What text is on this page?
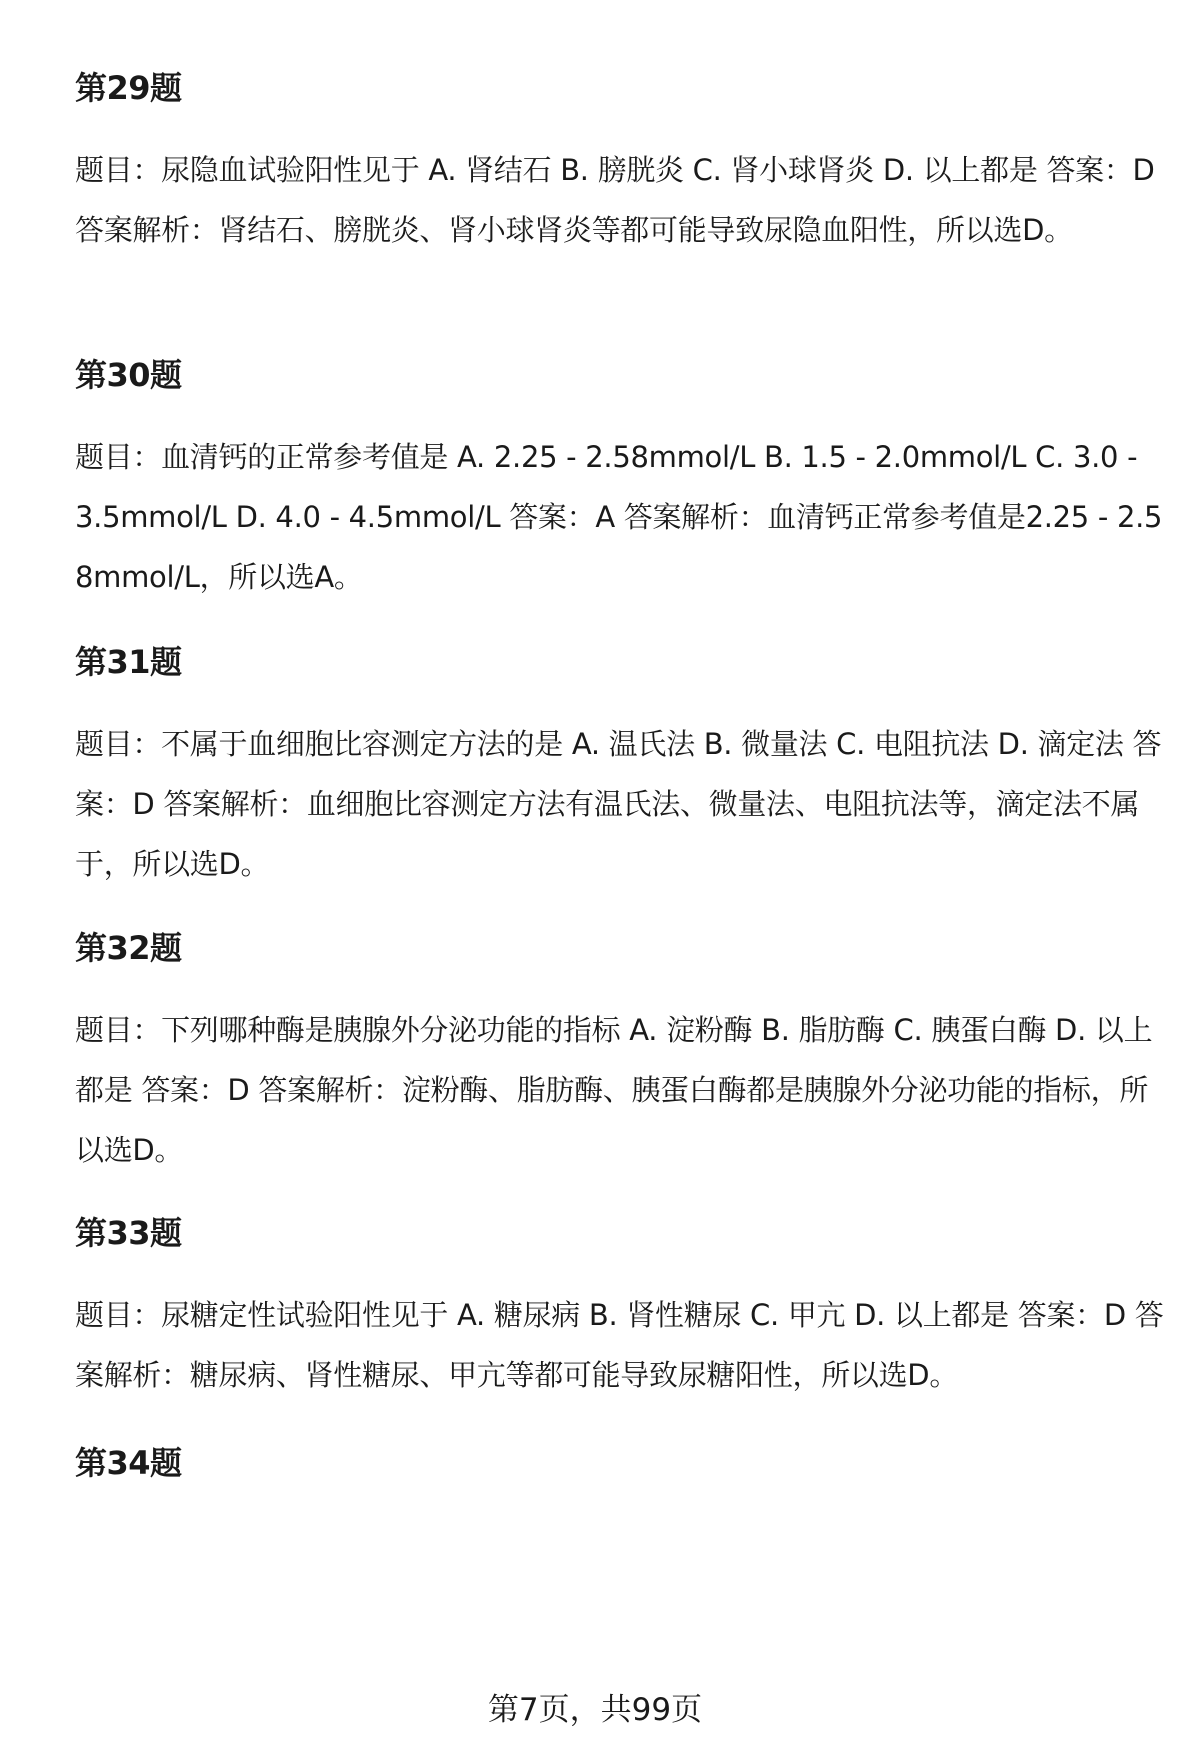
第29题

题目：尿隐血试验阳性见于 A. 肾结石 B. 膀胱炎 C. 肾小球肾炎 D. 以上都是 答案：D 答案解析：肾结石、膀胱炎、肾小球肾炎等都可能导致尿隐血阳性，所以选D。

第30题

题目：血清钙的正常参考值是 A. 2.25 - 2.58mmol/L B. 1.5 - 2.0mmol/L C. 3.0 - 3.5mmol/L D. 4.0 - 4.5mmol/L 答案：A 答案解析：血清钙正常参考值是2.25 - 2.58mmol/L，所以选A。

第31题

题目：不属于血细胞比容测定方法的是 A. 温氏法 B. 微量法 C. 电阻抗法 D. 滴定法 答案：D 答案解析：血细胞比容测定方法有温氏法、微量法、电阻抗法等，滴定法不属于，所以选D。

第32题

题目：下列哪种酶是胰腺外分泌功能的指标 A. 淀粉酶 B. 脂肪酶 C. 胰蛋白酶 D. 以上都是 答案：D 答案解析：淀粉酶、脂肪酶、胰蛋白酶都是胰腺外分泌功能的指标，所以选D。

第33题

题目：尿糖定性试验阳性见于 A. 糖尿病 B. 肾性糖尿 C. 甲亢 D. 以上都是 答案：D 答案解析：糖尿病、肾性糖尿、甲亢等都可能导致尿糖阳性，所以选D。

第34题
第7页，共99页
